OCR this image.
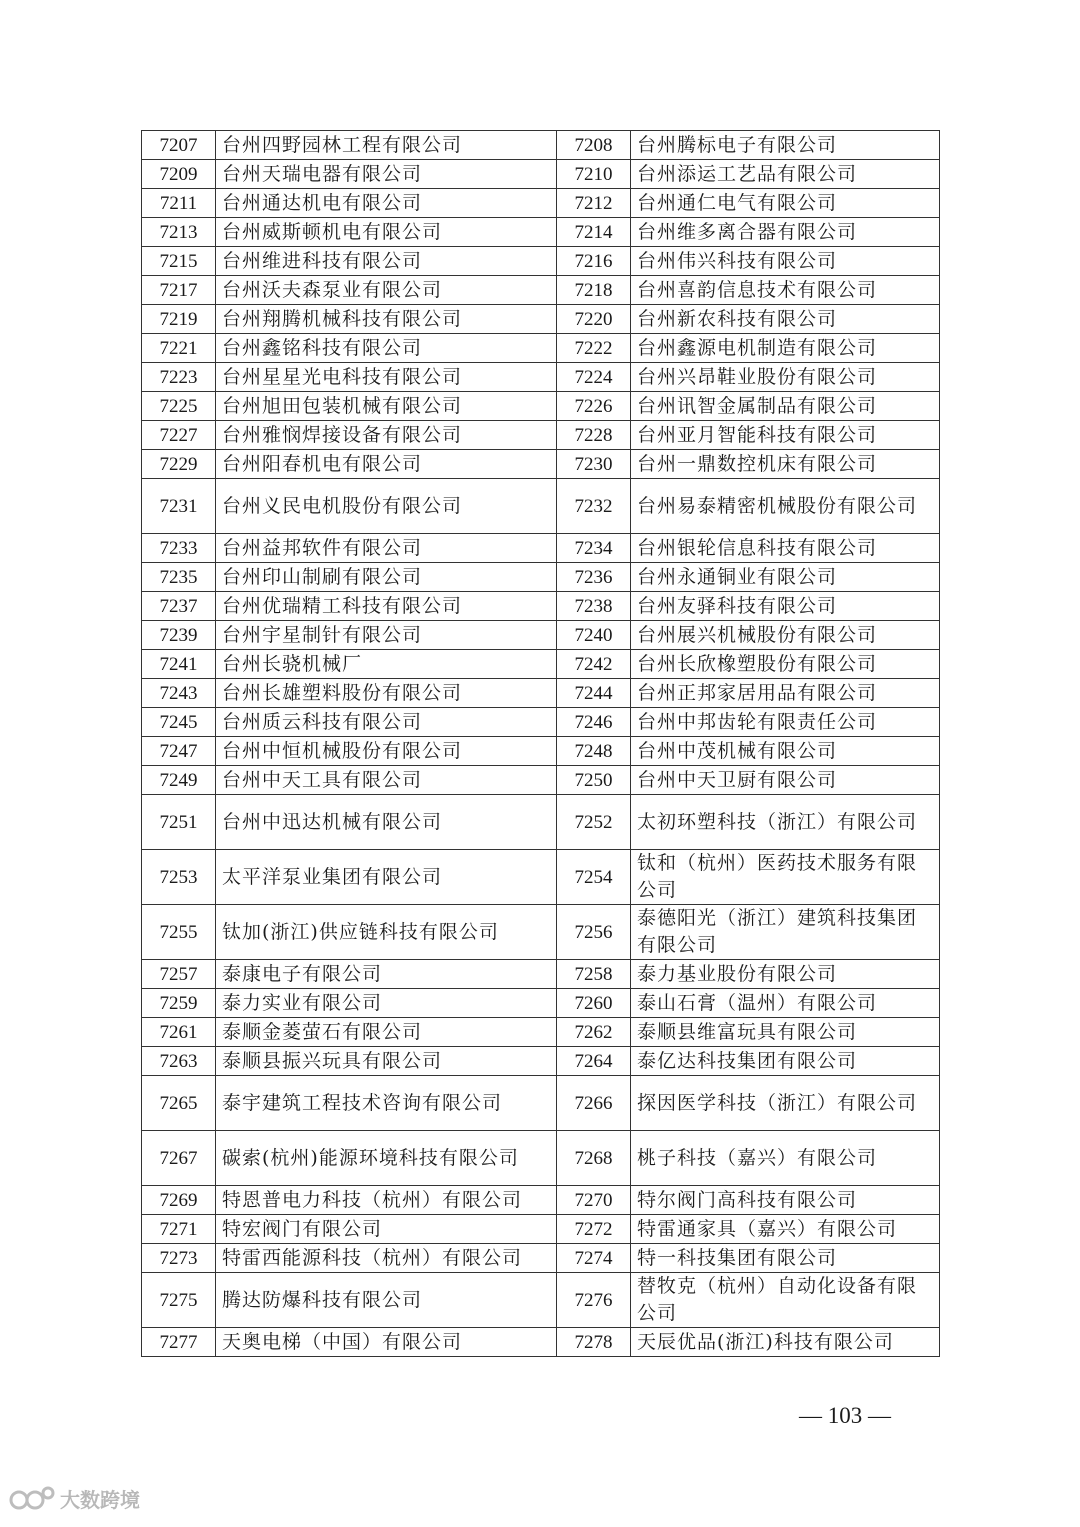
7207	台州四野园林工程有限公司	7208	台州腾标电子有限公司
7209	台州天瑞电器有限公司	7210	台州添运工艺品有限公司
7211	台州通达机电有限公司	7212	台州通仁电气有限公司
7213	台州威斯顿机电有限公司	7214	台州维多离合器有限公司
7215	台州维进科技有限公司	7216	台州伟兴科技有限公司
7217	台州沃夫森泵业有限公司	7218	台州喜韵信息技术有限公司
7219	台州翔腾机械科技有限公司	7220	台州新农科技有限公司
7221	台州鑫铭科技有限公司	7222	台州鑫源电机制造有限公司
7223	台州星星光电科技有限公司	7224	台州兴昂鞋业股份有限公司
7225	台州旭田包装机械有限公司	7226	台州讯智金属制品有限公司
7227	台州雅悯焊接设备有限公司	7228	台州亚月智能科技有限公司
7229	台州阳春机电有限公司	7230	台州一鼎数控机床有限公司
7231	台州义民电机股份有限公司	7232	台州易泰精密机械股份有限公司
7233	台州益邦软件有限公司	7234	台州银轮信息科技有限公司
7235	台州印山制刷有限公司	7236	台州永通铜业有限公司
7237	台州优瑞精工科技有限公司	7238	台州友驿科技有限公司
7239	台州宇星制针有限公司	7240	台州展兴机械股份有限公司
7241	台州长骁机械厂	7242	台州长欣橡塑股份有限公司
7243	台州长雄塑料股份有限公司	7244	台州正邦家居用品有限公司
7245	台州质云科技有限公司	7246	台州中邦齿轮有限责任公司
7247	台州中恒机械股份有限公司	7248	台州中茂机械有限公司
7249	台州中天工具有限公司	7250	台州中天卫厨有限公司
7251	台州中迅达机械有限公司	7252	太初环塑科技（浙江）有限公司
7253	太平洋泵业集团有限公司	7254	钛和（杭州）医药技术服务有限公司
7255	钛加(浙江)供应链科技有限公司	7256	泰德阳光（浙江）建筑科技集团有限公司
7257	泰康电子有限公司	7258	泰力基业股份有限公司
7259	泰力实业有限公司	7260	泰山石膏（温州）有限公司
7261	泰顺金菱萤石有限公司	7262	泰顺县维富玩具有限公司
7263	泰顺县振兴玩具有限公司	7264	泰亿达科技集团有限公司
7265	泰宇建筑工程技术咨询有限公司	7266	探因医学科技（浙江）有限公司
7267	碳索(杭州)能源环境科技有限公司	7268	桃子科技（嘉兴）有限公司
7269	特恩普电力科技（杭州）有限公司	7270	特尔阀门高科技有限公司
7271	特宏阀门有限公司	7272	特雷通家具（嘉兴）有限公司
7273	特雷西能源科技（杭州）有限公司	7274	特一科技集团有限公司
7275	腾达防爆科技有限公司	7276	替牧克（杭州）自动化设备有限公司
7277	天奥电梯（中国）有限公司	7278	天辰优品(浙江)科技有限公司
— 103 —
大数跨境
